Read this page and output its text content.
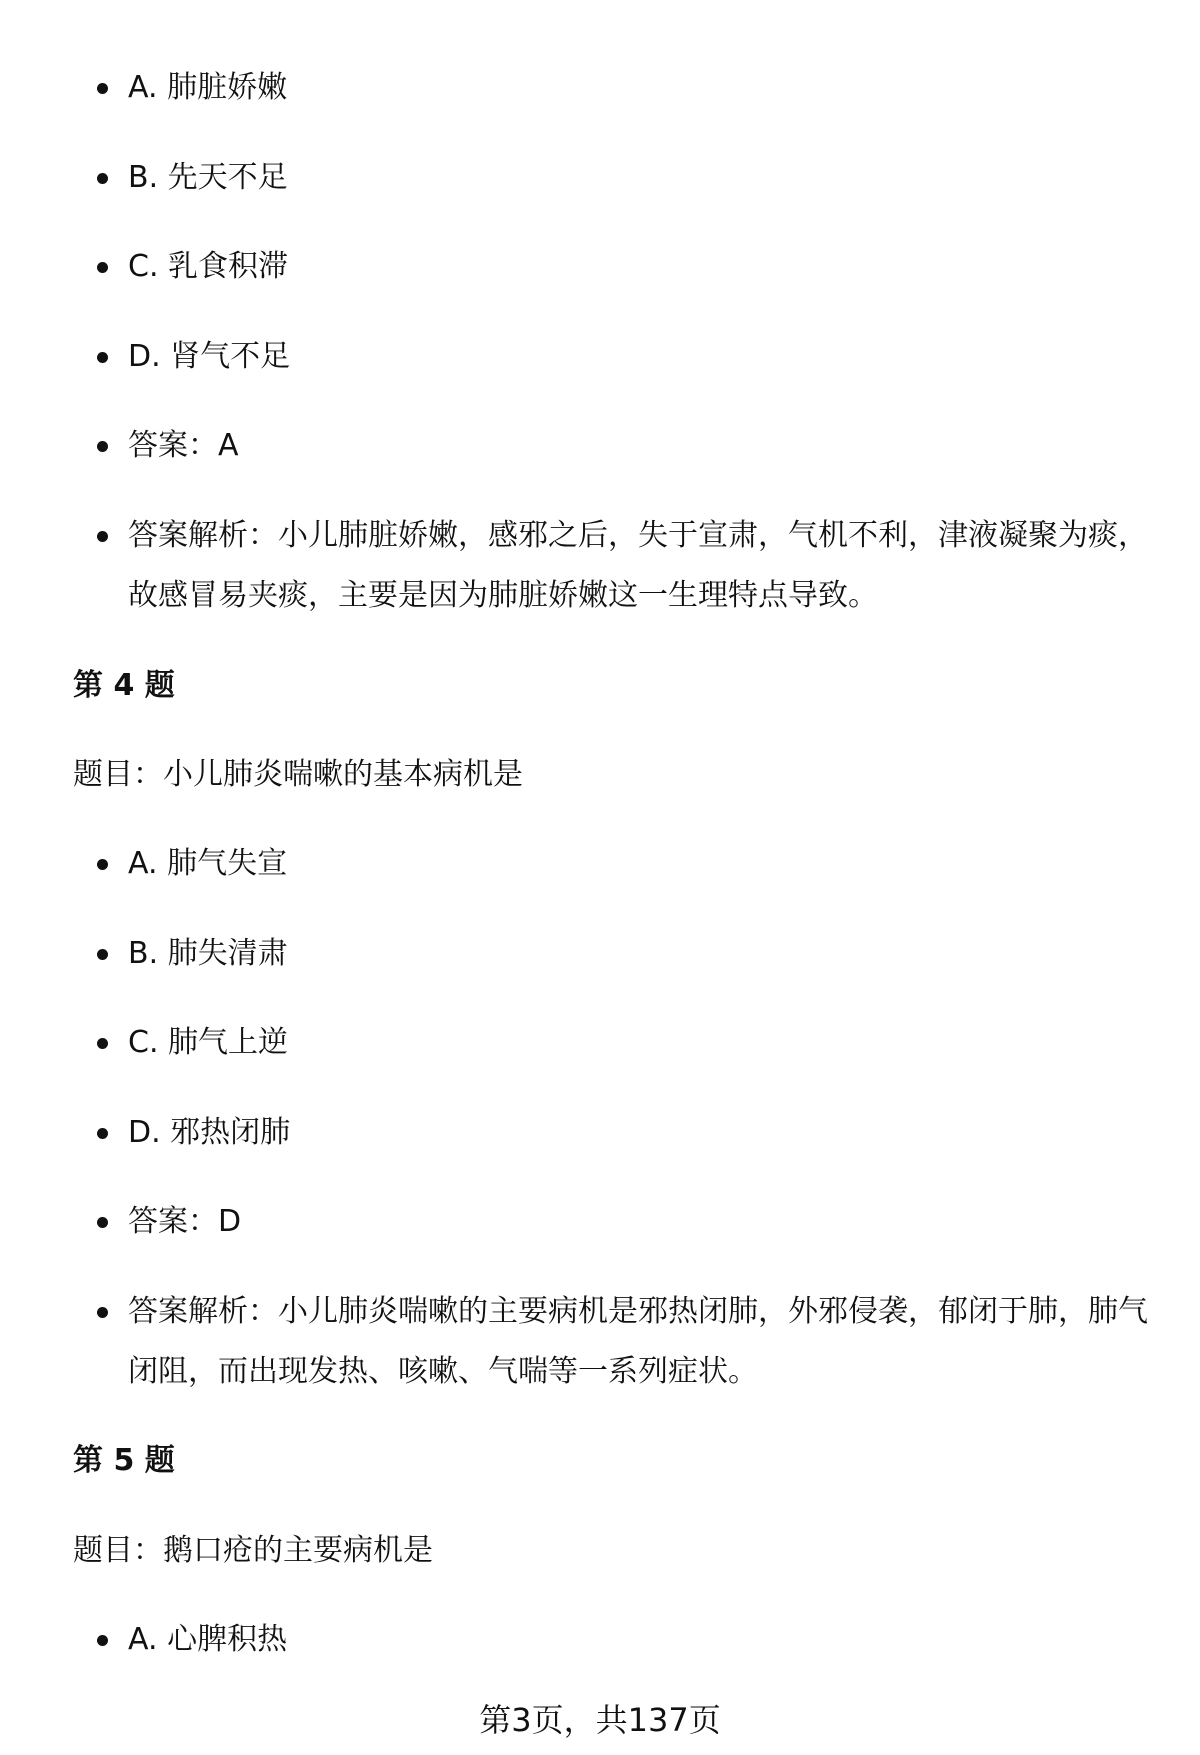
A. 肺脏娇嫩
B. 先天不足
C. 乳食积滞
D. 肾气不足
答案：A
答案解析：小儿肺脏娇嫩，感邪之后，失于宣肃，气机不利，津液凝聚为痰，故感冒易夹痰，主要是因为肺脏娇嫩这一生理特点导致。
第 4 题
题目：小儿肺炎喘嗽的基本病机是
A. 肺气失宣
B. 肺失清肃
C. 肺气上逆
D. 邪热闭肺
答案：D
答案解析：小儿肺炎喘嗽的主要病机是邪热闭肺，外邪侵袭，郁闭于肺，肺气闭阻，而出现发热、咳嗽、气喘等一系列症状。
第 5 题
题目：鹅口疮的主要病机是
A. 心脾积热
第3页，共137页
